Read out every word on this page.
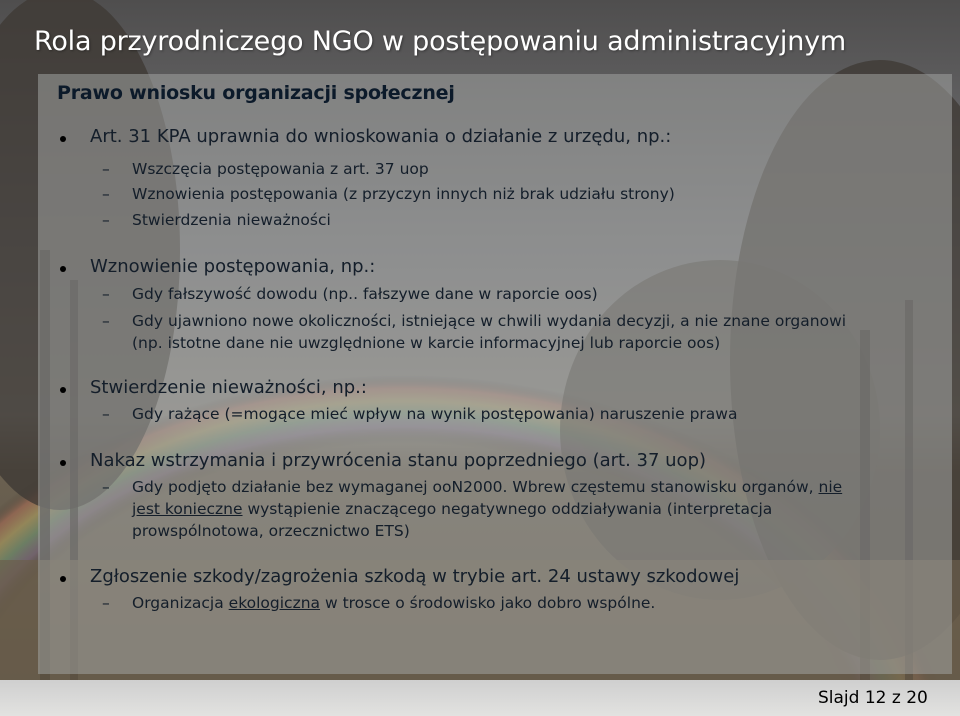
Rola przyrodniczego NGO w postępowaniu administracyjnym
Prawo wniosku organizacji społecznej
Art. 31 KPA uprawnia do wnioskowania o działanie z urzędu, np.:
– Wszczęcia postępowania z art. 37 uop
– Wznowienia postępowania (z przyczyn innych niż brak udziału strony)
– Stwierdzenia nieważności
Wznowienie postępowania, np.:
– Gdy fałszywość dowodu (np.. fałszywe dane w raporcie oos)
– Gdy ujawniono nowe okoliczności, istniejące w chwili wydania decyzji, a nie znane organowi
(np. istotne dane nie uwzględnione w karcie informacyjnej lub raporcie oos)
Stwierdzenie nieważności, np.:
– Gdy rażące (=mogące mieć wpływ na wynik postępowania) naruszenie prawa
Nakaz wstrzymania i przywrócenia stanu poprzedniego (art. 37 uop)
– Gdy podjęto działanie bez wymaganej ooN2000. Wbrew częstemu stanowisku organów, nie
jest konieczne wystąpienie znaczącego negatywnego oddziaływania (interpretacja
prowspólnotowa, orzecznictwo ETS)
Zgłoszenie szkody/zagrożenia szkodą w trybie art. 24 ustawy szkodowej
– Organizacja ekologiczna w trosce o środowisko jako dobro wspólne.
Slajd 12 z 20
